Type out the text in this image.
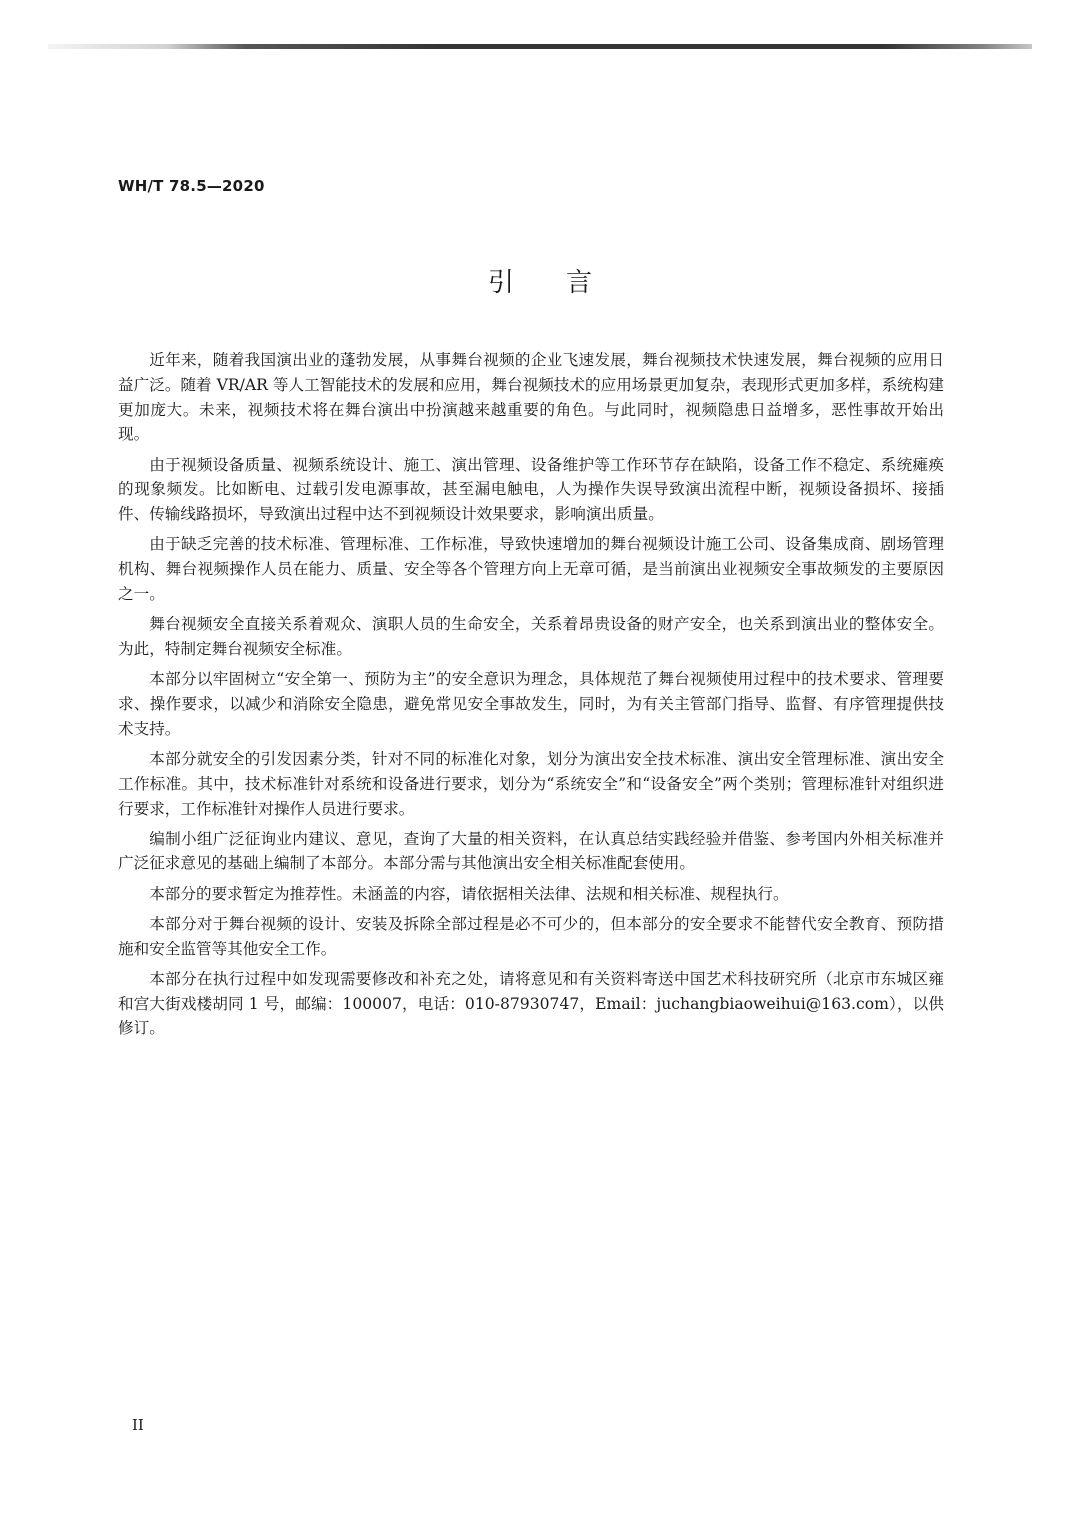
WH/T 78.5—2020
引言

近年来，随着我国演出业的蓬勃发展，从事舞台视频的企业飞速发展，舞台视频技术快速发展，舞台视频的应用日益广泛。随着 VR/AR 等人工智能技术的发展和应用，舞台视频技术的应用场景更加复杂，表现形式更加多样，系统构建更加庞大。未来，视频技术将在舞台演出中扮演越来越重要的角色。与此同时，视频隐患日益增多，恶性事故开始出现。

由于视频设备质量、视频系统设计、施工、演出管理、设备维护等工作环节存在缺陷，设备工作不稳定、系统瘫痪的现象频发。比如断电、过载引发电源事故，甚至漏电触电，人为操作失误导致演出流程中断，视频设备损坏、接插件、传输线路损坏，导致演出过程中达不到视频设计效果要求，影响演出质量。

由于缺乏完善的技术标准、管理标准、工作标准，导致快速增加的舞台视频设计施工公司、设备集成商、剧场管理机构、舞台视频操作人员在能力、质量、安全等各个管理方向上无章可循，是当前演出业视频安全事故频发的主要原因之一。

舞台视频安全直接关系着观众、演职人员的生命安全，关系着昂贵设备的财产安全，也关系到演出业的整体安全。为此，特制定舞台视频安全标准。

本部分以牢固树立“安全第一、预防为主”的安全意识为理念，具体规范了舞台视频使用过程中的技术要求、管理要求、操作要求，以减少和消除安全隐患，避免常见安全事故发生，同时，为有关主管部门指导、监督、有序管理提供技术支持。

本部分就安全的引发因素分类，针对不同的标准化对象，划分为演出安全技术标准、演出安全管理标准、演出安全工作标准。其中，技术标准针对系统和设备进行要求，划分为“系统安全”和“设备安全”两个类别；管理标准针对组织进行要求，工作标准针对操作人员进行要求。

编制小组广泛征询业内建议、意见，查询了大量的相关资料，在认真总结实践经验并借鉴、参考国内外相关标准并广泛征求意见的基础上编制了本部分。本部分需与其他演出安全相关标准配套使用。

本部分的要求暂定为推荐性。未涵盖的内容，请依据相关法律、法规和相关标准、规程执行。

本部分对于舞台视频的设计、安装及拆除全部过程是必不可少的，但本部分的安全要求不能替代安全教育、预防措施和安全监管等其他安全工作。

本部分在执行过程中如发现需要修改和补充之处，请将意见和有关资料寄送中国艺术科技研究所（北京市东城区雍和宫大街戏楼胡同 1 号，邮编：100007，电话：010-87930747，Email：juchangbiaoweihui@163.com），以供修订。

II
